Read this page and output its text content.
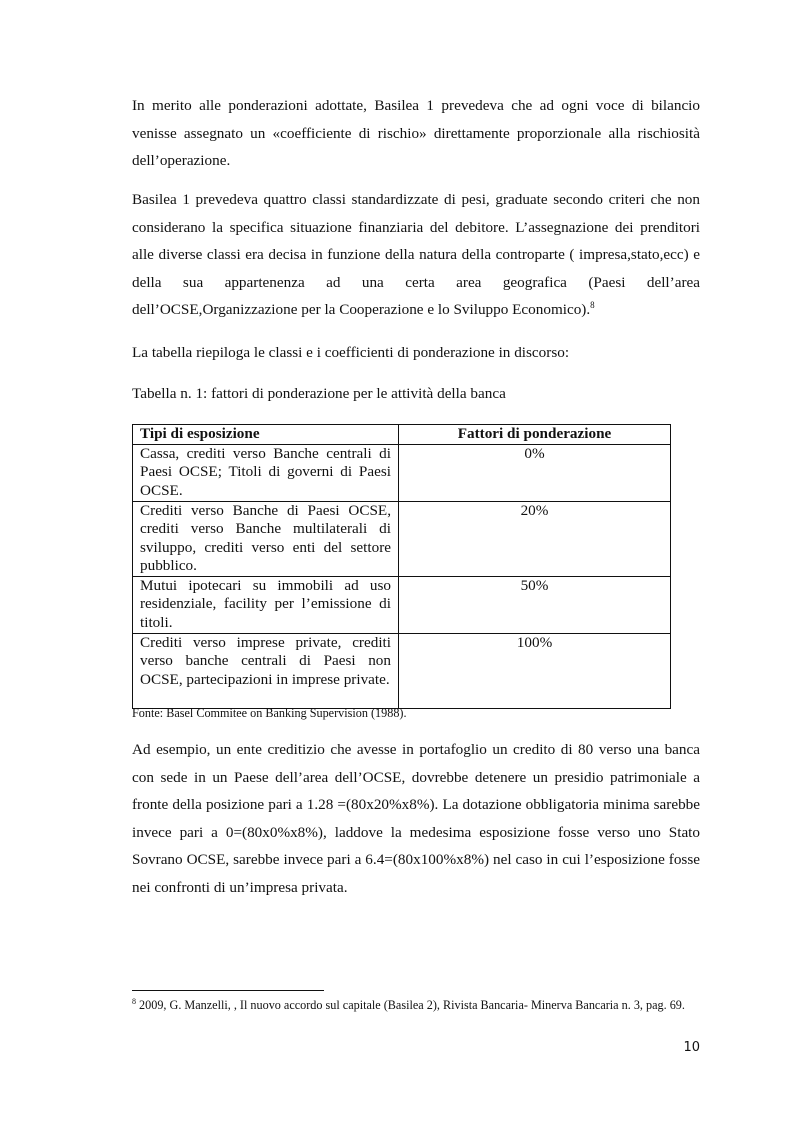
In merito alle ponderazioni adottate, Basilea 1 prevedeva che ad ogni voce di bilancio venisse assegnato un «coefficiente di rischio» direttamente proporzionale alla rischiosità dell’operazione.

Basilea 1 prevedeva quattro classi standardizzate di pesi, graduate secondo criteri che non considerano la specifica situazione finanziaria del debitore. L’assegnazione dei prenditori alle diverse classi era decisa in funzione della natura della controparte ( impresa,stato,ecc) e della sua appartenenza ad una certa area geografica (Paesi dell’area dell’OCSE,Organizzazione per la Cooperazione e lo Sviluppo Economico).$^8$

La tabella riepiloga le classi e i coefficienti di ponderazione in discorso:

Tabella n. 1: fattori di ponderazione per le attività della banca

Tipi di esposizione	Fattori di ponderazione
Cassa, crediti verso Banche centrali di Paesi OCSE; Titoli di governi di Paesi OCSE.	0%
Crediti verso Banche di Paesi OCSE, crediti verso Banche multilaterali di sviluppo, crediti verso enti del settore pubblico.	20%
Mutui ipotecari su immobili ad uso residenziale, facility per l’emissione di titoli.	50%
Crediti verso imprese private, crediti verso banche centrali di Paesi non OCSE, partecipazioni in imprese private.	100%

Fonte: Basel Commitee on Banking Supervision (1988).

Ad esempio, un ente creditizio che avesse in portafoglio un credito di 80 verso una banca con sede in un Paese dell’area dell’OCSE, dovrebbe detenere un presidio patrimoniale a fronte della posizione pari a 1.28 =(80x20%x8%). La dotazione obbligatoria minima sarebbe invece pari a 0=(80x0%x8%), laddove la medesima esposizione fosse verso uno Stato Sovrano OCSE, sarebbe invece pari a 6.4=(80x100%x8%) nel caso in cui l’esposizione fosse nei confronti di un’impresa privata.

$^8$ 2009, G. Manzelli, , Il nuovo accordo sul capitale (Basilea 2), Rivista Bancaria- Minerva Bancaria n. 3, pag. 69.

10
